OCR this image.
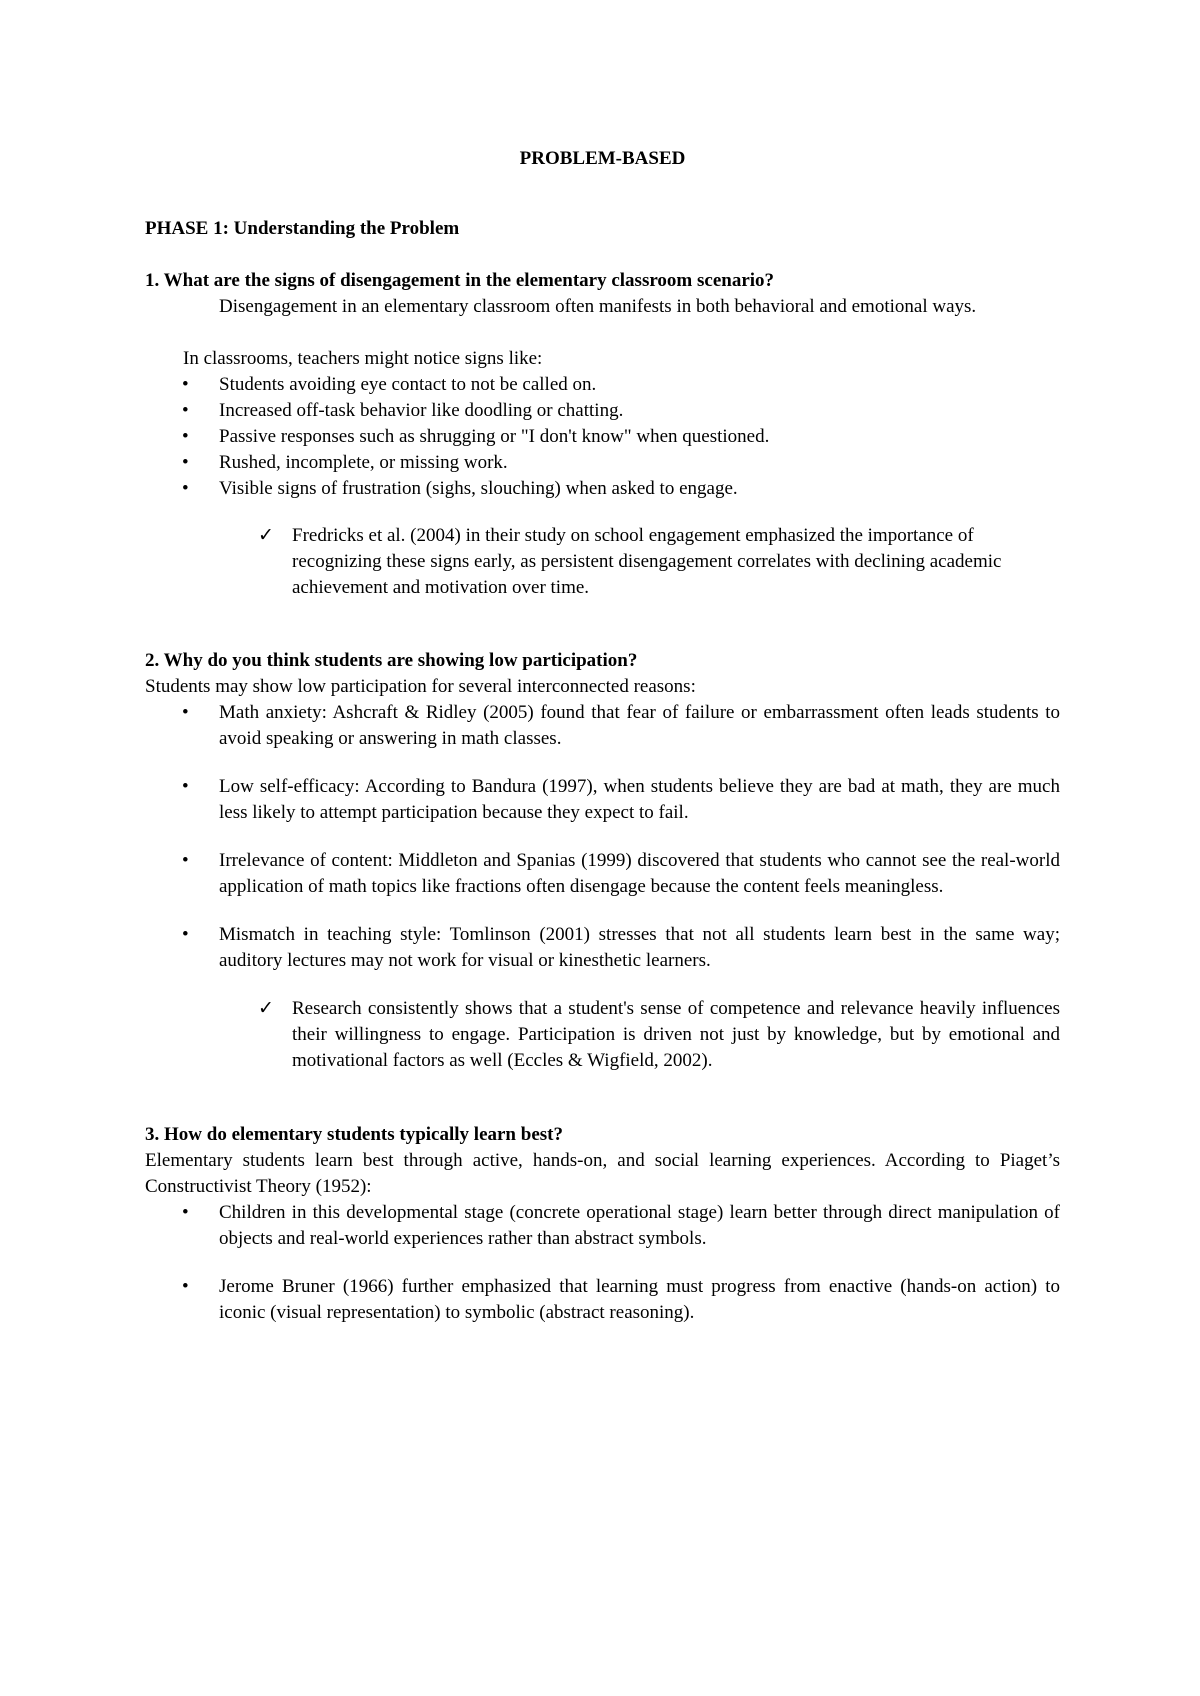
PROBLEM-BASED

PHASE 1: Understanding the Problem

1. What are the signs of disengagement in the elementary classroom scenario?

Disengagement in an elementary classroom often manifests in both behavioral and emotional ways.

In classrooms, teachers might notice signs like:

• Students avoiding eye contact to not be called on.
• Increased off-task behavior like doodling or chatting.
• Passive responses such as shrugging or "I don't know" when questioned.
• Rushed, incomplete, or missing work.
• Visible signs of frustration (sighs, slouching) when asked to engage.
✓ Fredricks et al. (2004) in their study on school engagement emphasized the importance of recognizing these signs early, as persistent disengagement correlates with declining academic achievement and motivation over time.

2. Why do you think students are showing low participation?

Students may show low participation for several interconnected reasons:

• Math anxiety: Ashcraft & Ridley (2005) found that fear of failure or embarrassment often leads students to avoid speaking or answering in math classes.
• Low self-efficacy: According to Bandura (1997), when students believe they are bad at math, they are much less likely to attempt participation because they expect to fail.
• Irrelevance of content: Middleton and Spanias (1999) discovered that students who cannot see the real-world application of math topics like fractions often disengage because the content feels meaningless.
• Mismatch in teaching style: Tomlinson (2001) stresses that not all students learn best in the same way; auditory lectures may not work for visual or kinesthetic learners.
✓ Research consistently shows that a student's sense of competence and relevance heavily influences their willingness to engage. Participation is driven not just by knowledge, but by emotional and motivational factors as well (Eccles & Wigfield, 2002).

3. How do elementary students typically learn best?

Elementary students learn best through active, hands-on, and social learning experiences. According to Piaget’s Constructivist Theory (1952):

• Children in this developmental stage (concrete operational stage) learn better through direct manipulation of objects and real-world experiences rather than abstract symbols.
• Jerome Bruner (1966) further emphasized that learning must progress from enactive (hands-on action) to iconic (visual representation) to symbolic (abstract reasoning).
